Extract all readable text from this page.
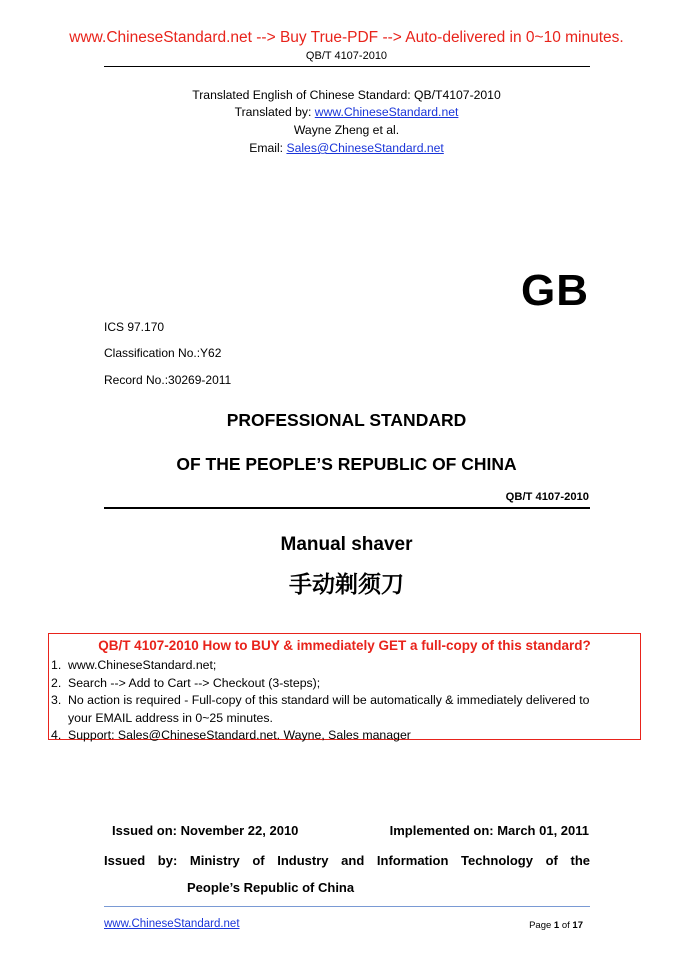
www.ChineseStandard.net --> Buy True-PDF --> Auto-delivered in 0~10 minutes.
QB/T 4107-2010
Translated English of Chinese Standard: QB/T4107-2010
Translated by: www.ChineseStandard.net
Wayne Zheng et al.
Email: Sales@ChineseStandard.net
GB
ICS 97.170
Classification No.:Y62
Record No.:30269-2011
PROFESSIONAL STANDARD
OF THE PEOPLE’S REPUBLIC OF CHINA
QB/T 4107-2010
Manual shaver
手动剃须刀
QB/T 4107-2010 How to BUY & immediately GET a full-copy of this standard?
1. www.ChineseStandard.net;
2. Search --> Add to Cart --> Checkout (3-steps);
3. No action is required - Full-copy of this standard will be automatically & immediately delivered to
your EMAIL address in 0~25 minutes.
4. Support: Sales@ChineseStandard.net. Wayne, Sales manager
Issued on: November 22, 2010	Implemented on: March 01, 2011
Issued by: Ministry of Industry and Information Technology of the
People’s Republic of China
www.ChineseStandard.net	Page 1 of 17
